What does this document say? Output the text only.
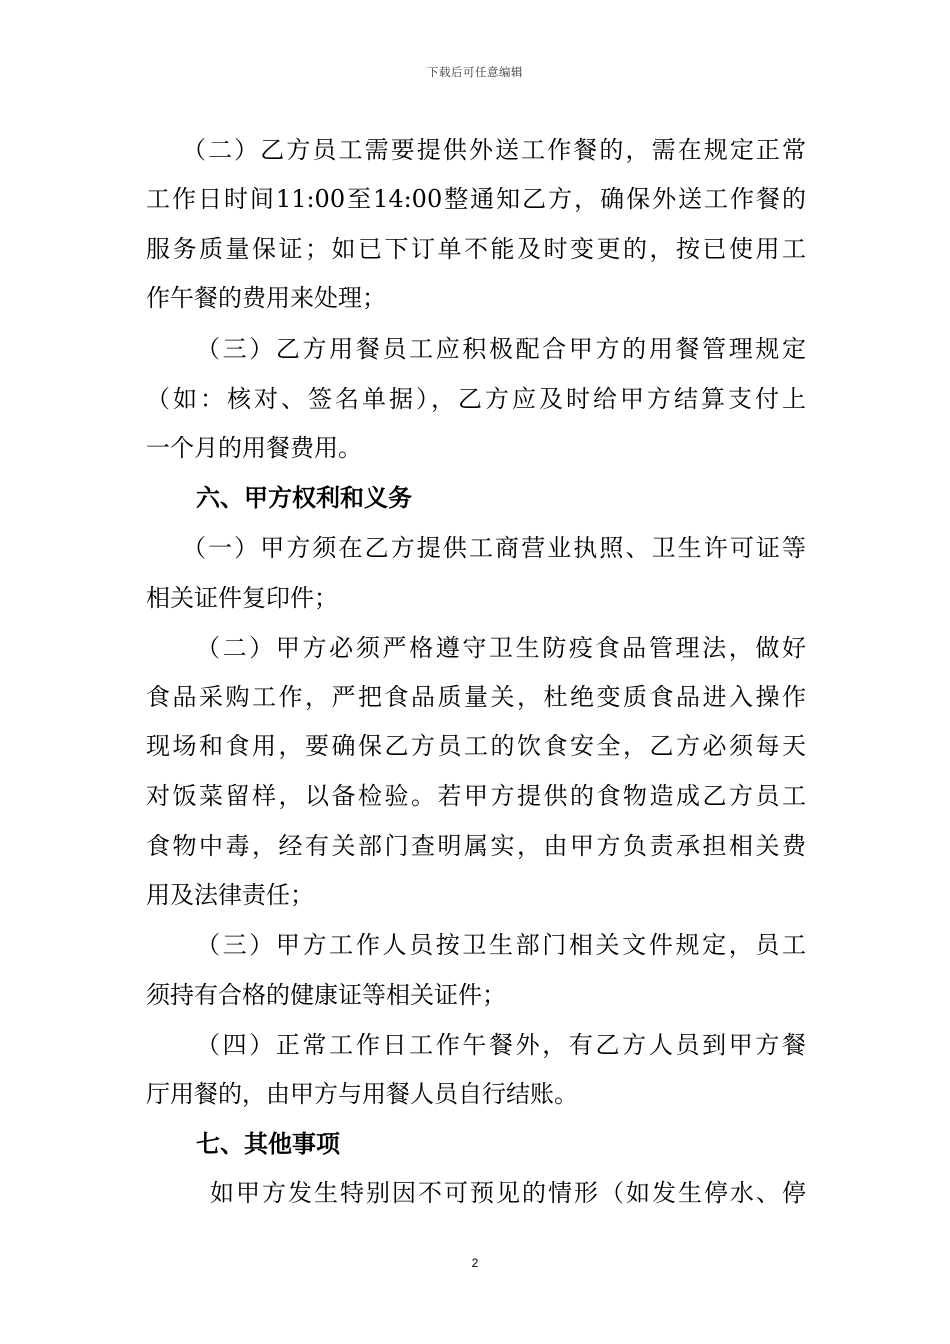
下载后可任意编辑
（二）乙方员工需要提供外送工作餐的，需在规定正常
工作日时间11:00至14:00整通知乙方，确保外送工作餐的
服务质量保证；如已下订单不能及时变更的，按已使用工
作午餐的费用来处理；
（三）乙方用餐员工应积极配合甲方的用餐管理规定
（如：核对、签名单据），乙方应及时给甲方结算支付上
一个月的用餐费用。
六、甲方权利和义务
（一）甲方须在乙方提供工商营业执照、卫生许可证等
相关证件复印件；
（二）甲方必须严格遵守卫生防疫食品管理法，做好
食品采购工作，严把食品质量关，杜绝变质食品进入操作
现场和食用，要确保乙方员工的饮食安全，乙方必须每天
对饭菜留样，以备检验。若甲方提供的食物造成乙方员工
食物中毒，经有关部门查明属实，由甲方负责承担相关费
用及法律责任；
（三）甲方工作人员按卫生部门相关文件规定，员工
须持有合格的健康证等相关证件；
（四）正常工作日工作午餐外，有乙方人员到甲方餐
厅用餐的，由甲方与用餐人员自行结账。
七、其他事项
如甲方发生特别因不可预见的情形（如发生停水、停
2
